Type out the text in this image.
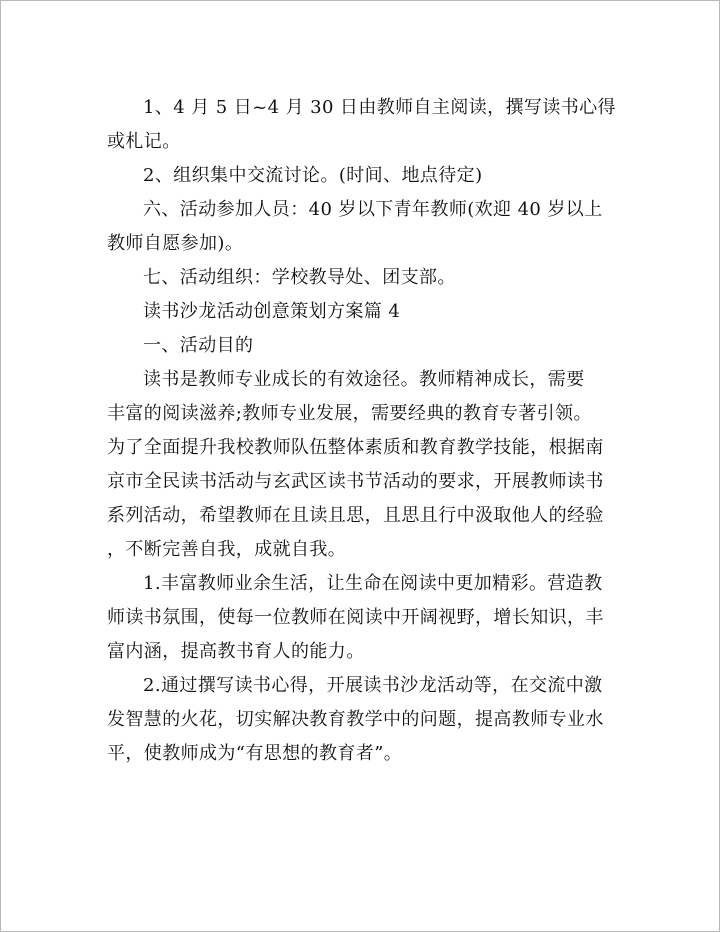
1、4 月 5 日~4 月 30 日由教师自主阅读，撰写读书心得
或札记。
2、组织集中交流讨论。(时间、地点待定)
六、活动参加人员：40 岁以下青年教师(欢迎 40 岁以上
教师自愿参加)。
七、活动组织：学校教导处、团支部。
读书沙龙活动创意策划方案篇 4
一、活动目的
读书是教师专业成长的有效途径。教师精神成长，需要
丰富的阅读滋养;教师专业发展，需要经典的教育专著引领。
为了全面提升我校教师队伍整体素质和教育教学技能，根据南
京市全民读书活动与玄武区读书节活动的要求，开展教师读书
系列活动，希望教师在且读且思，且思且行中汲取他人的经验
，不断完善自我，成就自我。
1.丰富教师业余生活，让生命在阅读中更加精彩。营造教
师读书氛围，使每一位教师在阅读中开阔视野，增长知识，丰
富内涵，提高教书育人的能力。
2.通过撰写读书心得，开展读书沙龙活动等，在交流中激
发智慧的火花，切实解决教育教学中的问题，提高教师专业水
平，使教师成为“有思想的教育者”。
